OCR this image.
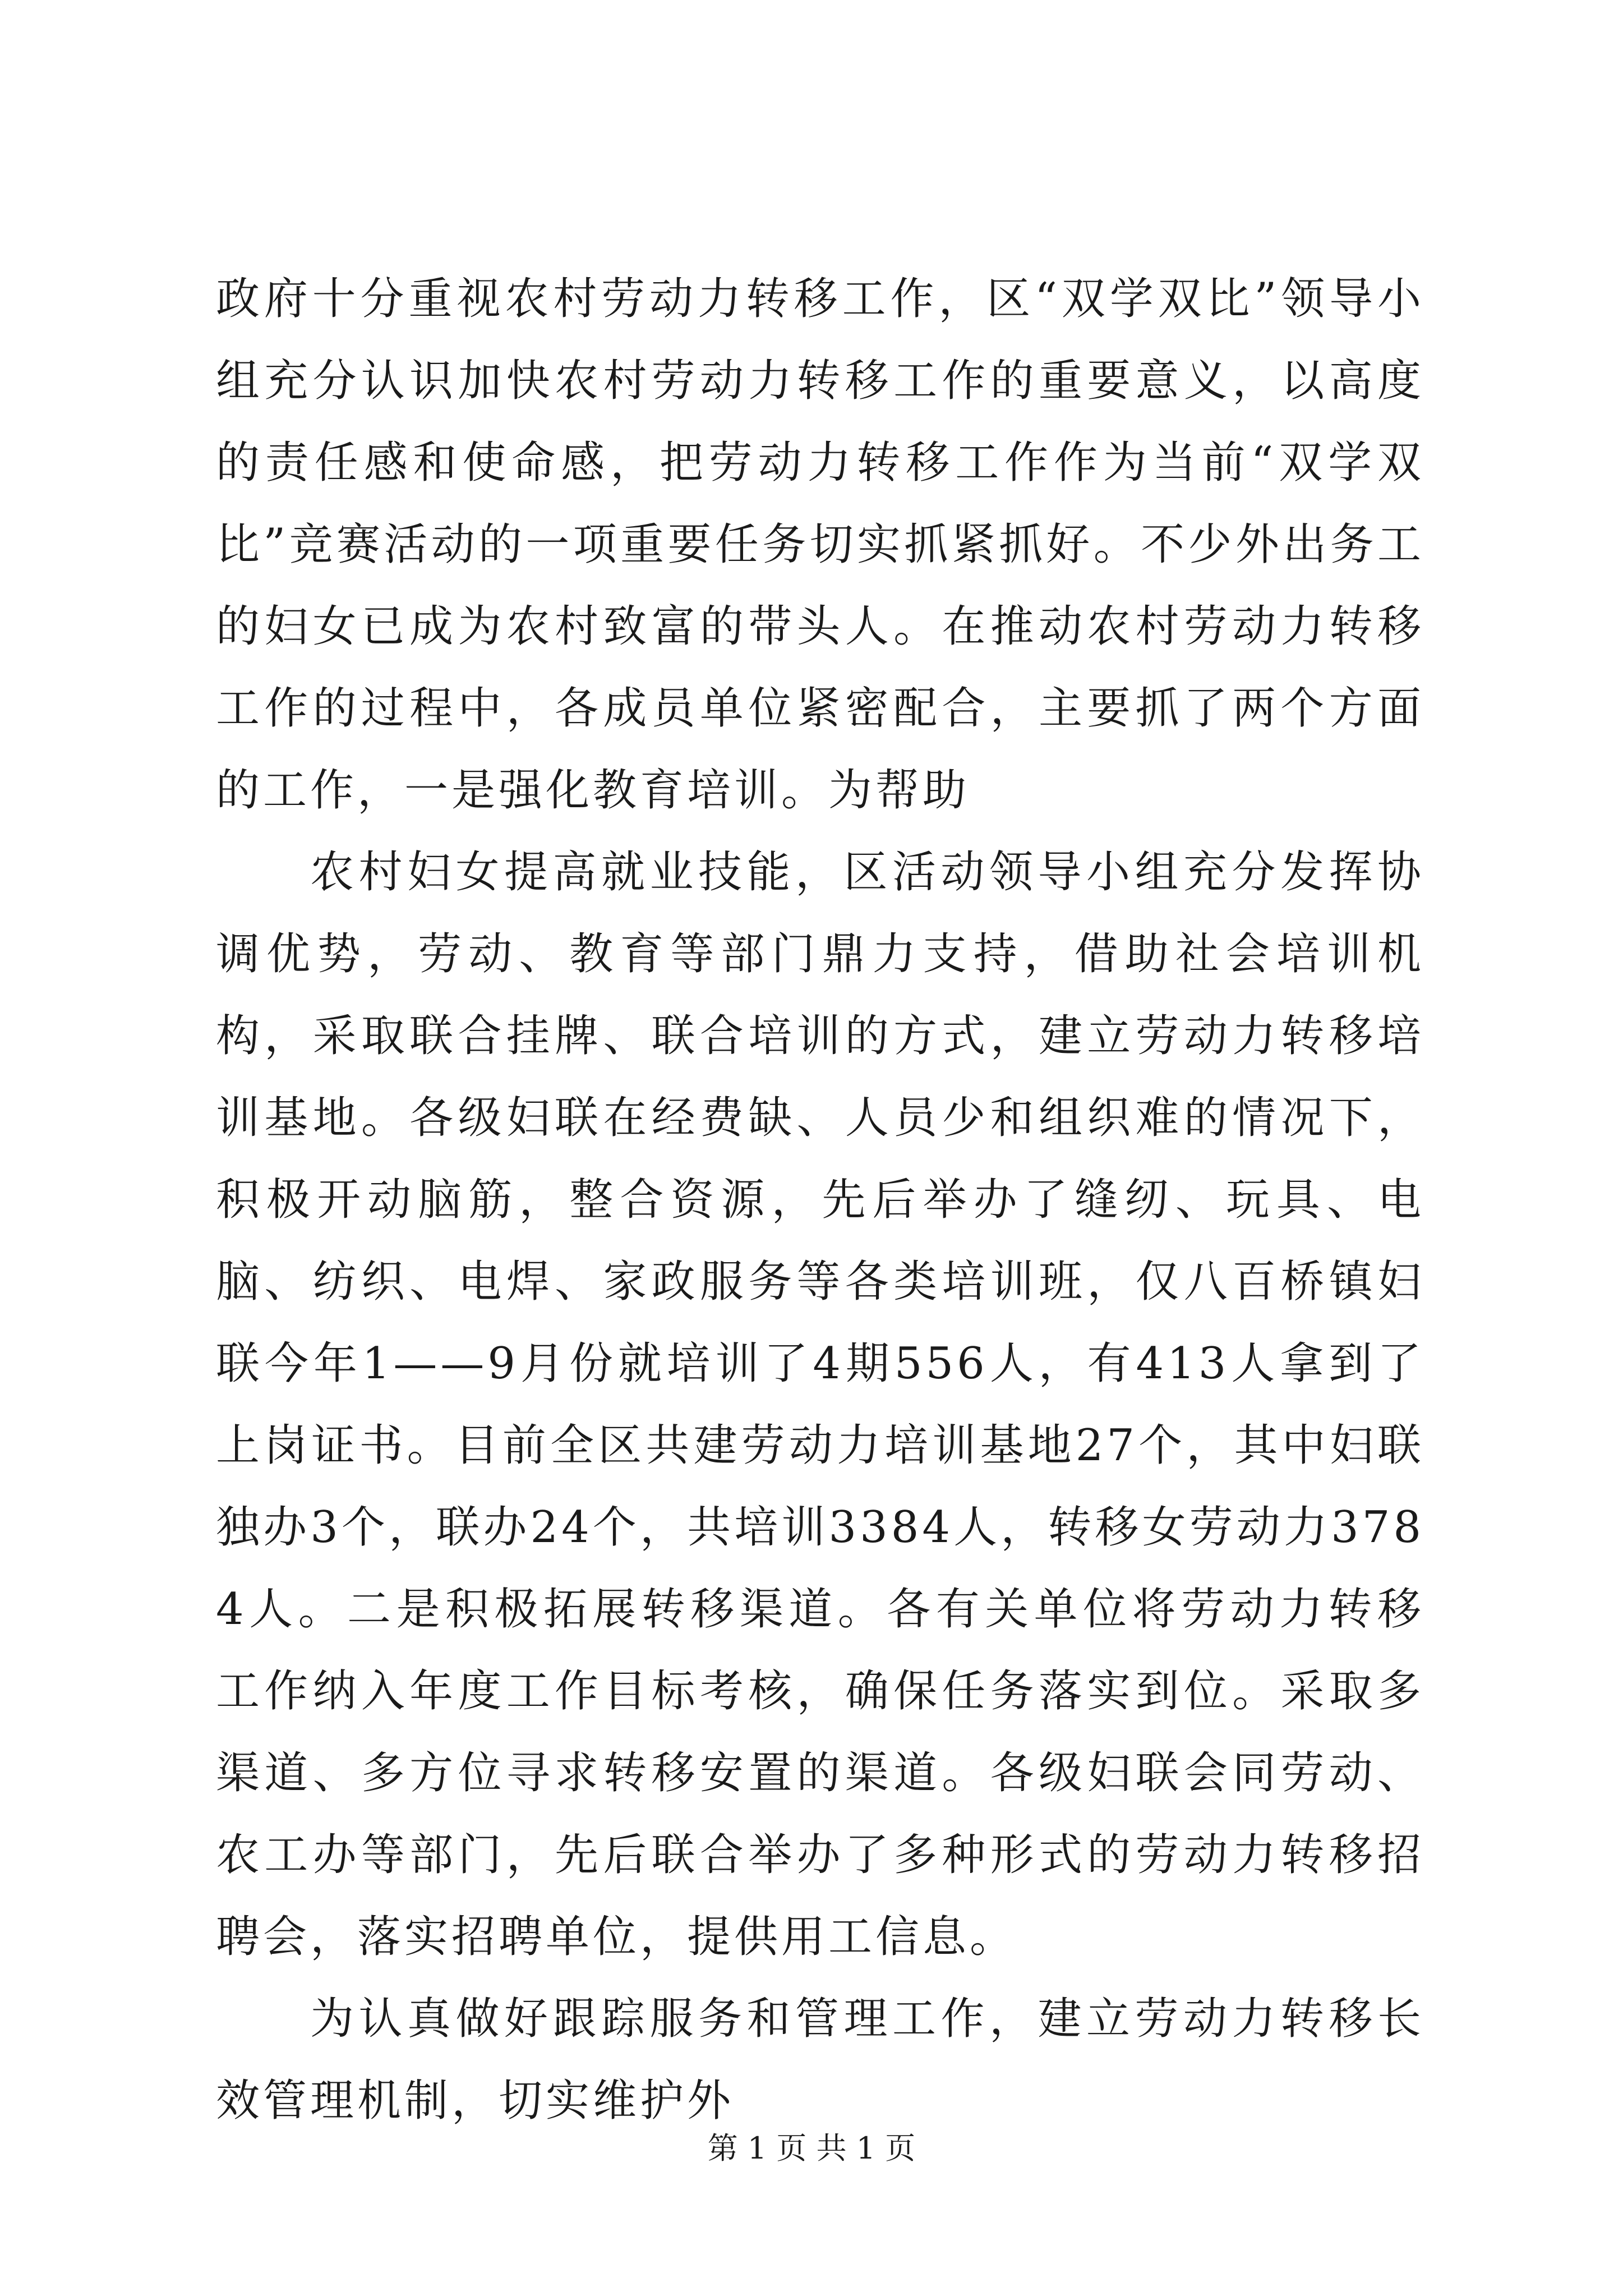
政府十分重视农村劳动力转移工作，区“双学双比”领导小组充分认识加快农村劳动力转移工作的重要意义，以高度的责任感和使命感，把劳动力转移工作作为当前“双学双比”竞赛活动的一项重要任务切实抓紧抓好。不少外出务工的妇女已成为农村致富的带头人。在推动农村劳动力转移工作的过程中，各成员单位紧密配合，主要抓了两个方面的工作，一是强化教育培训。为帮助

农村妇女提高就业技能，区活动领导小组充分发挥协调优势，劳动、教育等部门鼎力支持，借助社会培训机构，采取联合挂牌、联合培训的方式，建立劳动力转移培训基地。各级妇联在经费缺、人员少和组织难的情况下，积极开动脑筋，整合资源，先后举办了缝纫、玩具、电脑、纺织、电焊、家政服务等各类培训班，仅八百桥镇妇联今年1——9月份就培训了4期556人，有413人拿到了上岗证书。目前全区共建劳动力培训基地27个，其中妇联独办3个，联办24个，共培训3384人，转移女劳动力3784人。二是积极拓展转移渠道。各有关单位将劳动力转移工作纳入年度工作目标考核，确保任务落实到位。采取多渠道、多方位寻求转移安置的渠道。各级妇联会同劳动、农工办等部门，先后联合举办了多种形式的劳动力转移招聘会，落实招聘单位，提供用工信息。

为认真做好跟踪服务和管理工作，建立劳动力转移长效管理机制，切实维护外

第 1 页 共 1 页
